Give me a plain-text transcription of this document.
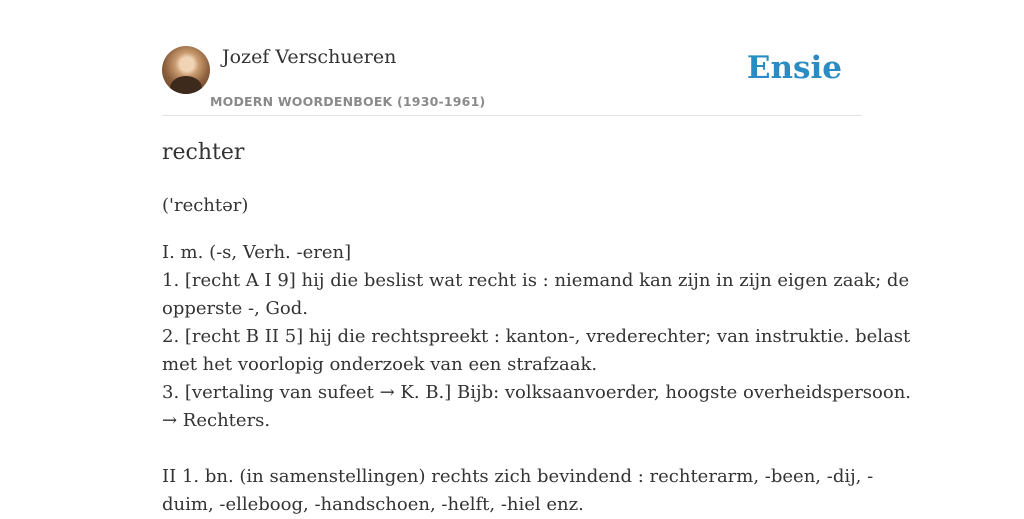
Jozef Verschueren
MODERN WOORDENBOEK (1930-1961)
Ensie
rechter
('rechtər)
I. m. (-s, Verh. -eren]
1. [recht A I 9] hij die beslist wat recht is : niemand kan zijn in zijn eigen zaak; de
opperste -, God.
2. [recht B II 5] hij die rechtspreekt : kanton-, vrederechter; van instruktie. belast
met het voorlopig onderzoek van een strafzaak.
3. [vertaling van sufeet → K. B.] Bijb: volksaanvoerder, hoogste overheidspersoon.
→ Rechters.
II 1. bn. (in samenstellingen) rechts zich bevindend : rechterarm, -been, -dij, -
duim, -elleboog, -handschoen, -helft, -hiel enz.
